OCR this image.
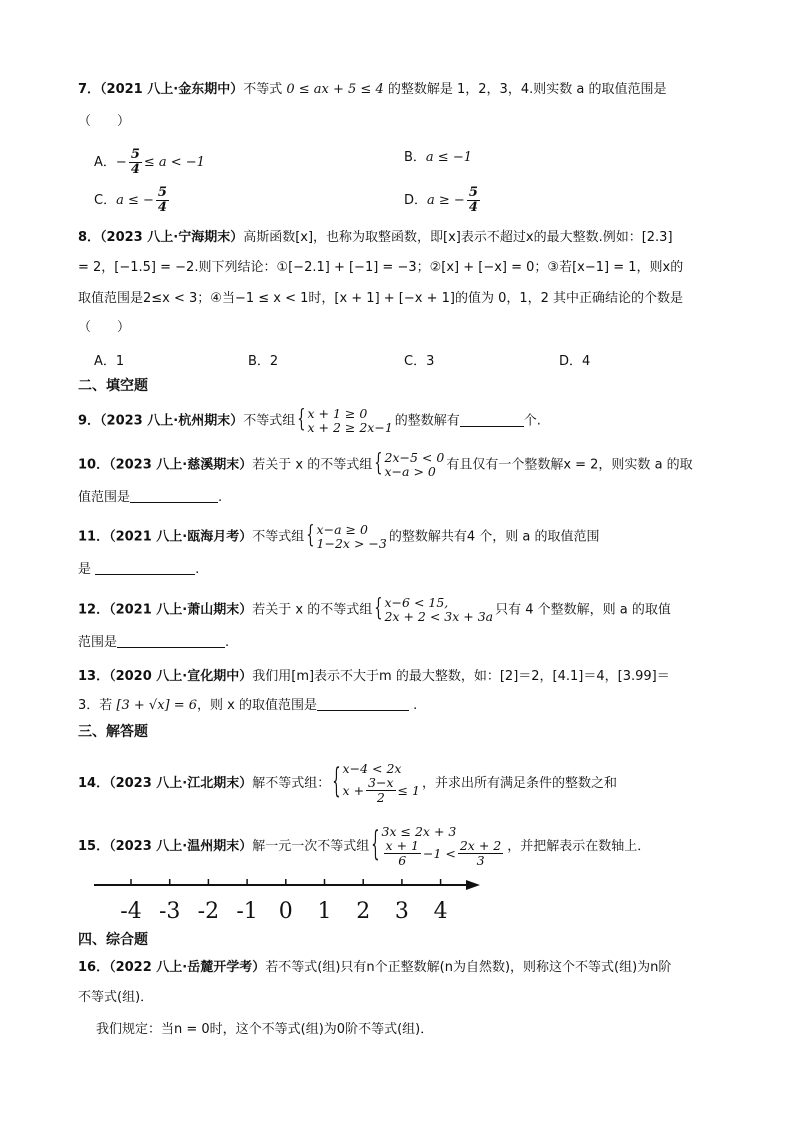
7．（2021 八上·金东期中）不等式 0 ≤ ax + 5 ≤ 4 的整数解是 1，2，3，4.则实数 a 的取值范围是
（　　）
A．− $\frac{5}{4} \le a < -1$	B．a ≤ −1
C．a ≤ − $\frac{5}{4}$	D．a ≥ − $\frac{5}{4}$
8．（2023 八上·宁海期末）高斯函数[x]，也称为取整函数，即[x]表示不超过x的最大整数.例如：[2.3]
= 2，[−1.5] = −2.则下列结论：①[−2.1] + [−1] = −3；②[x] + [−x] = 0；③若[x−1] = 1，则x的
取值范围是2≤x < 3；④当−1 ≤ x < 1时，[x + 1] + [−x + 1]的值为 0，1，2 其中正确结论的个数是
（　　）
A．1	B．2	C．3	D．4
二、填空题
9．（2023 八上·杭州期末）不等式组 { x + 1 ≥ 0
x + 2 ≥ 2x−1 的整数解有	个.
10．（2023 八上·慈溪期末）若关于 x 的不等式组 { 2x−5 < 0
x−a > 0 有且仅有一个整数解x = 2，则实数 a 的取
值范围是	.
11．（2021 八上·瓯海月考）不等式组 { x−a ≥ 0
1−2x > −3 的整数解共有4 个，则 a 的取值范围
是	.
12．（2021 八上·萧山期末）若关于 x 的不等式组 { x−6 < 15,
2x + 2 < 3x + 3a 只有 4 个整数解，则 a 的取值
范围是	.
13．（2020 八上·宣化期中）我们用[m]表示不大于m 的最大整数，如：[2]＝2，[4.1]＝4，[3.99]＝
3．若 [3 + √x] = 6，则 x 的取值范围是	.
三、解答题
14．（2023 八上·江北期末）解不等式组： { x−4 < 2x
$x + \frac{3-x}{2} \le 1$ ，并求出所有满足条件的整数之和
15．（2023 八上·温州期末）解一元一次不等式组 { 3x ≤ 2x + 3
$\frac{x + 1}{6} -1 < \frac{2x + 2}{3}$ ，并把解表示在数轴上．
-4 -3 -2 -1 0 1 2 3 4
四、综合题
16．（2022 八上·岳麓开学考）若不等式(组)只有n个正整数解(n为自然数)，则称这个不等式(组)为n阶
不等式(组)．
我们规定：当n = 0时，这个不等式(组)为0阶不等式(组)．
